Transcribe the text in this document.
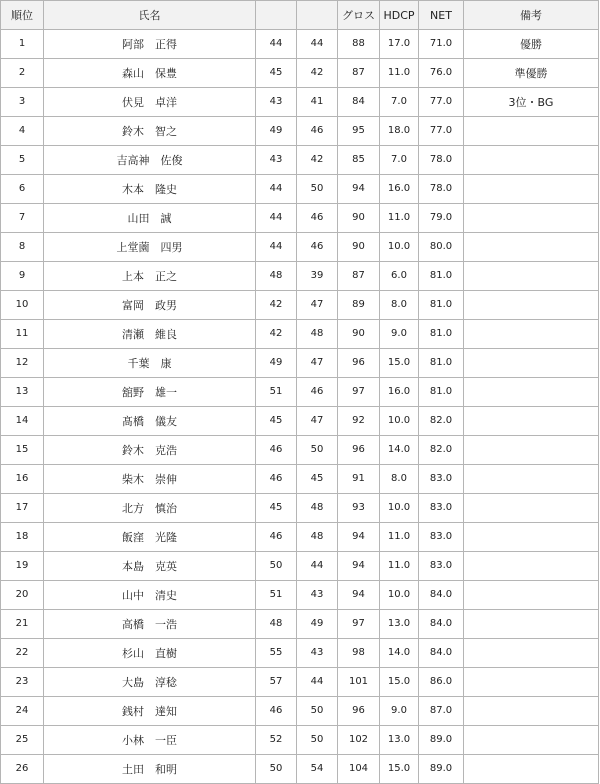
順位	氏名			グロス	HDCP	NET	備考
1	阿部　正得	44	44	88	17.0	71.0	優勝
2	森山　保豊	45	42	87	11.0	76.0	準優勝
3	伏見　卓洋	43	41	84	7.0	77.0	3位・BG
4	鈴木　智之	49	46	95	18.0	77.0	
5	吉高神　佐俊	43	42	85	7.0	78.0	
6	木本　隆史	44	50	94	16.0	78.0	
7	山田　誠	44	46	90	11.0	79.0	
8	上堂薗　四男	44	46	90	10.0	80.0	
9	上本　正之	48	39	87	6.0	81.0	
10	富岡　政男	42	47	89	8.0	81.0	
11	清瀬　維良	42	48	90	9.0	81.0	
12	千葉　康	49	47	96	15.0	81.0	
13	舘野　雄一	51	46	97	16.0	81.0	
14	髙橋　儀友	45	47	92	10.0	82.0	
15	鈴木　克浩	46	50	96	14.0	82.0	
16	柴木　崇伸	46	45	91	8.0	83.0	
17	北方　慎治	45	48	93	10.0	83.0	
18	飯窪　光隆	46	48	94	11.0	83.0	
19	本島　克英	50	44	94	11.0	83.0	
20	山中　清史	51	43	94	10.0	84.0	
21	高橋　一浩	48	49	97	13.0	84.0	
22	杉山　直樹	55	43	98	14.0	84.0	
23	大島　淳稔	57	44	101	15.0	86.0	
24	銭村　達知	46	50	96	9.0	87.0	
25	小林　一臣	52	50	102	13.0	89.0	
26	土田　和明	50	54	104	15.0	89.0	
